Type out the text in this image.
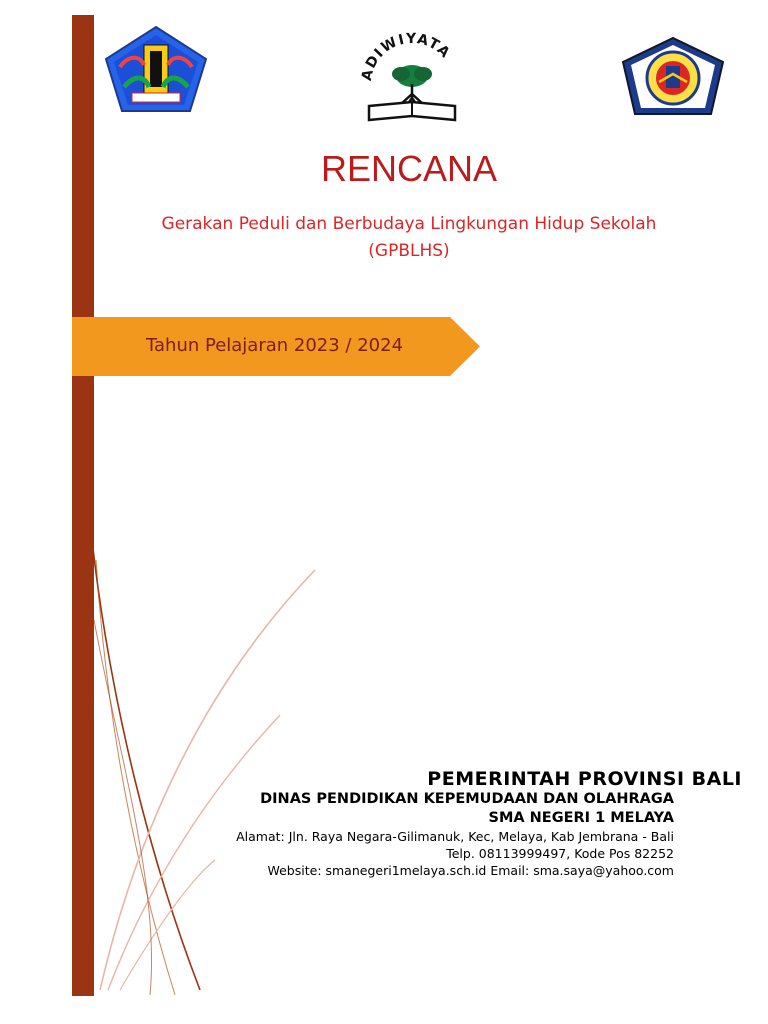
ADIWIYATA
RENCANA
Gerakan Peduli dan Berbudaya Lingkungan Hidup Sekolah
(GPBLHS)
Tahun Pelajaran 2023 / 2024
PEMERINTAH PROVINSI BALI
DINAS PENDIDIKAN KEPEMUDAAN DAN OLAHRAGA
SMA NEGERI 1 MELAYA
Alamat: Jln. Raya Negara-Gilimanuk, Kec, Melaya, Kab Jembrana - Bali
Telp. 08113999497, Kode Pos 82252
Website: smanegeri1melaya.sch.id Email: sma.saya@yahoo.com
